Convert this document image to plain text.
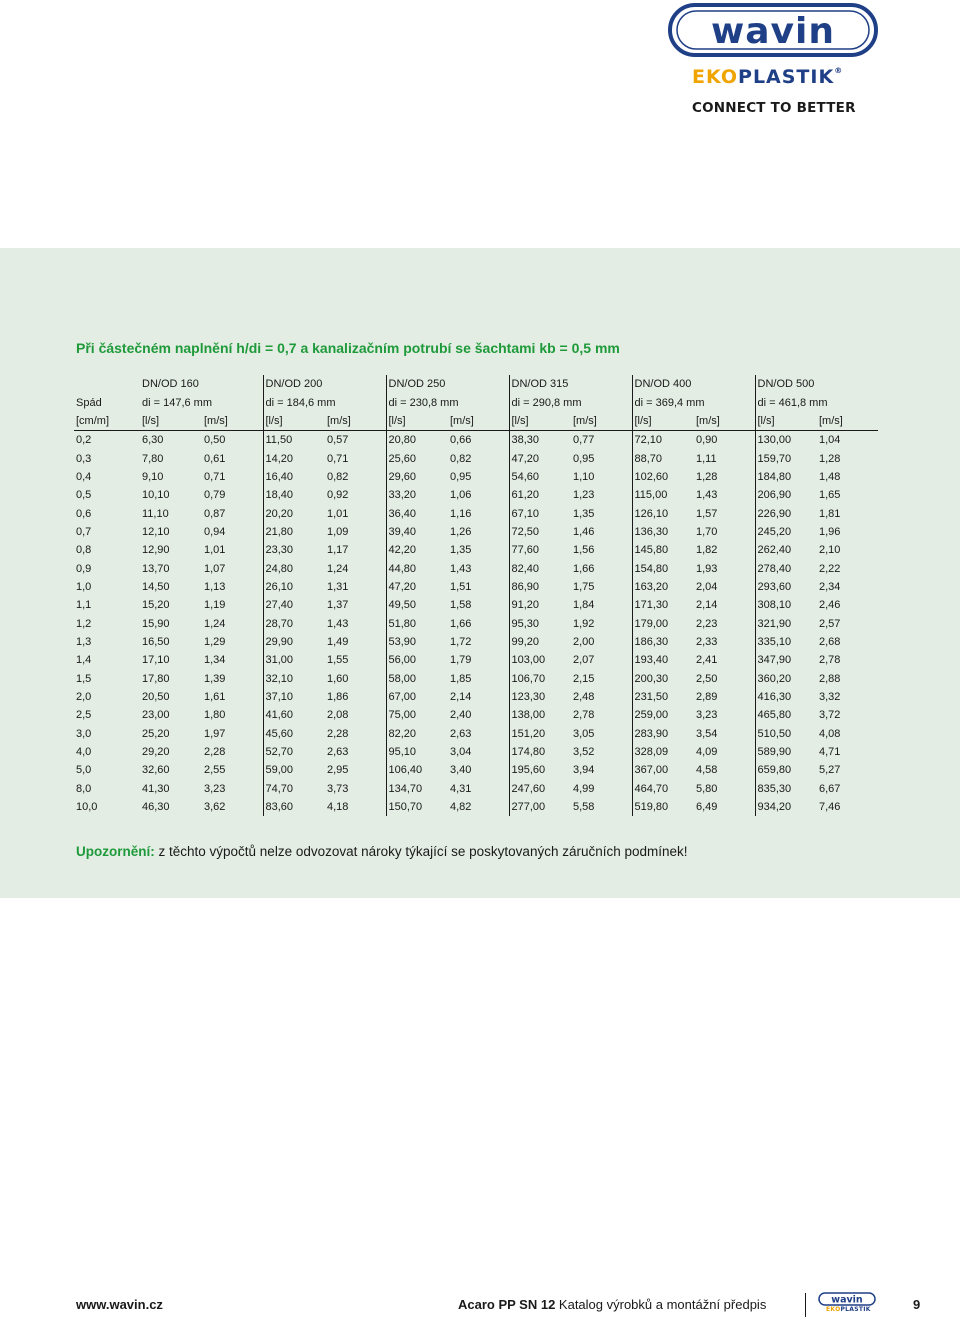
wavin
EKOPLASTIK®
CONNECT TO BETTER
Při částečném naplnění h/di = 0,7 a kanalizačním potrubí se šachtami kb = 0,5 mm
	DN/OD 160		DN/OD 200		DN/OD 250		DN/OD 315		DN/OD 400		DN/OD 500	
Spád	di = 147,6 mm		di = 184,6 mm		di = 230,8 mm		di = 290,8 mm		di = 369,4 mm		di = 461,8 mm	
[cm/m]	[l/s]	[m/s]	[l/s]	[m/s]	[l/s]	[m/s]	[l/s]	[m/s]	[l/s]	[m/s]	[l/s]	[m/s]
0,2	6,30	0,50	11,50	0,57	20,80	0,66	38,30	0,77	72,10	0,90	130,00	1,04
0,3	7,80	0,61	14,20	0,71	25,60	0,82	47,20	0,95	88,70	1,11	159,70	1,28
0,4	9,10	0,71	16,40	0,82	29,60	0,95	54,60	1,10	102,60	1,28	184,80	1,48
0,5	10,10	0,79	18,40	0,92	33,20	1,06	61,20	1,23	115,00	1,43	206,90	1,65
0,6	11,10	0,87	20,20	1,01	36,40	1,16	67,10	1,35	126,10	1,57	226,90	1,81
0,7	12,10	0,94	21,80	1,09	39,40	1,26	72,50	1,46	136,30	1,70	245,20	1,96
0,8	12,90	1,01	23,30	1,17	42,20	1,35	77,60	1,56	145,80	1,82	262,40	2,10
0,9	13,70	1,07	24,80	1,24	44,80	1,43	82,40	1,66	154,80	1,93	278,40	2,22
1,0	14,50	1,13	26,10	1,31	47,20	1,51	86,90	1,75	163,20	2,04	293,60	2,34
1,1	15,20	1,19	27,40	1,37	49,50	1,58	91,20	1,84	171,30	2,14	308,10	2,46
1,2	15,90	1,24	28,70	1,43	51,80	1,66	95,30	1,92	179,00	2,23	321,90	2,57
1,3	16,50	1,29	29,90	1,49	53,90	1,72	99,20	2,00	186,30	2,33	335,10	2,68
1,4	17,10	1,34	31,00	1,55	56,00	1,79	103,00	2,07	193,40	2,41	347,90	2,78
1,5	17,80	1,39	32,10	1,60	58,00	1,85	106,70	2,15	200,30	2,50	360,20	2,88
2,0	20,50	1,61	37,10	1,86	67,00	2,14	123,30	2,48	231,50	2,89	416,30	3,32
2,5	23,00	1,80	41,60	2,08	75,00	2,40	138,00	2,78	259,00	3,23	465,80	3,72
3,0	25,20	1,97	45,60	2,28	82,20	2,63	151,20	3,05	283,90	3,54	510,50	4,08
4,0	29,20	2,28	52,70	2,63	95,10	3,04	174,80	3,52	328,09	4,09	589,90	4,71
5,0	32,60	2,55	59,00	2,95	106,40	3,40	195,60	3,94	367,00	4,58	659,80	5,27
8,0	41,30	3,23	74,70	3,73	134,70	4,31	247,60	4,99	464,70	5,80	835,30	6,67
10,0	46,30	3,62	83,60	4,18	150,70	4,82	277,00	5,58	519,80	6,49	934,20	7,46
Upozornění: z těchto výpočtů nelze odvozovat nároky týkající se poskytovaných záručních podmínek!
www.wavin.cz	Acaro PP SN 12 Katalog výrobků a montážní předpis	wavin
EKOPLASTIK	9
